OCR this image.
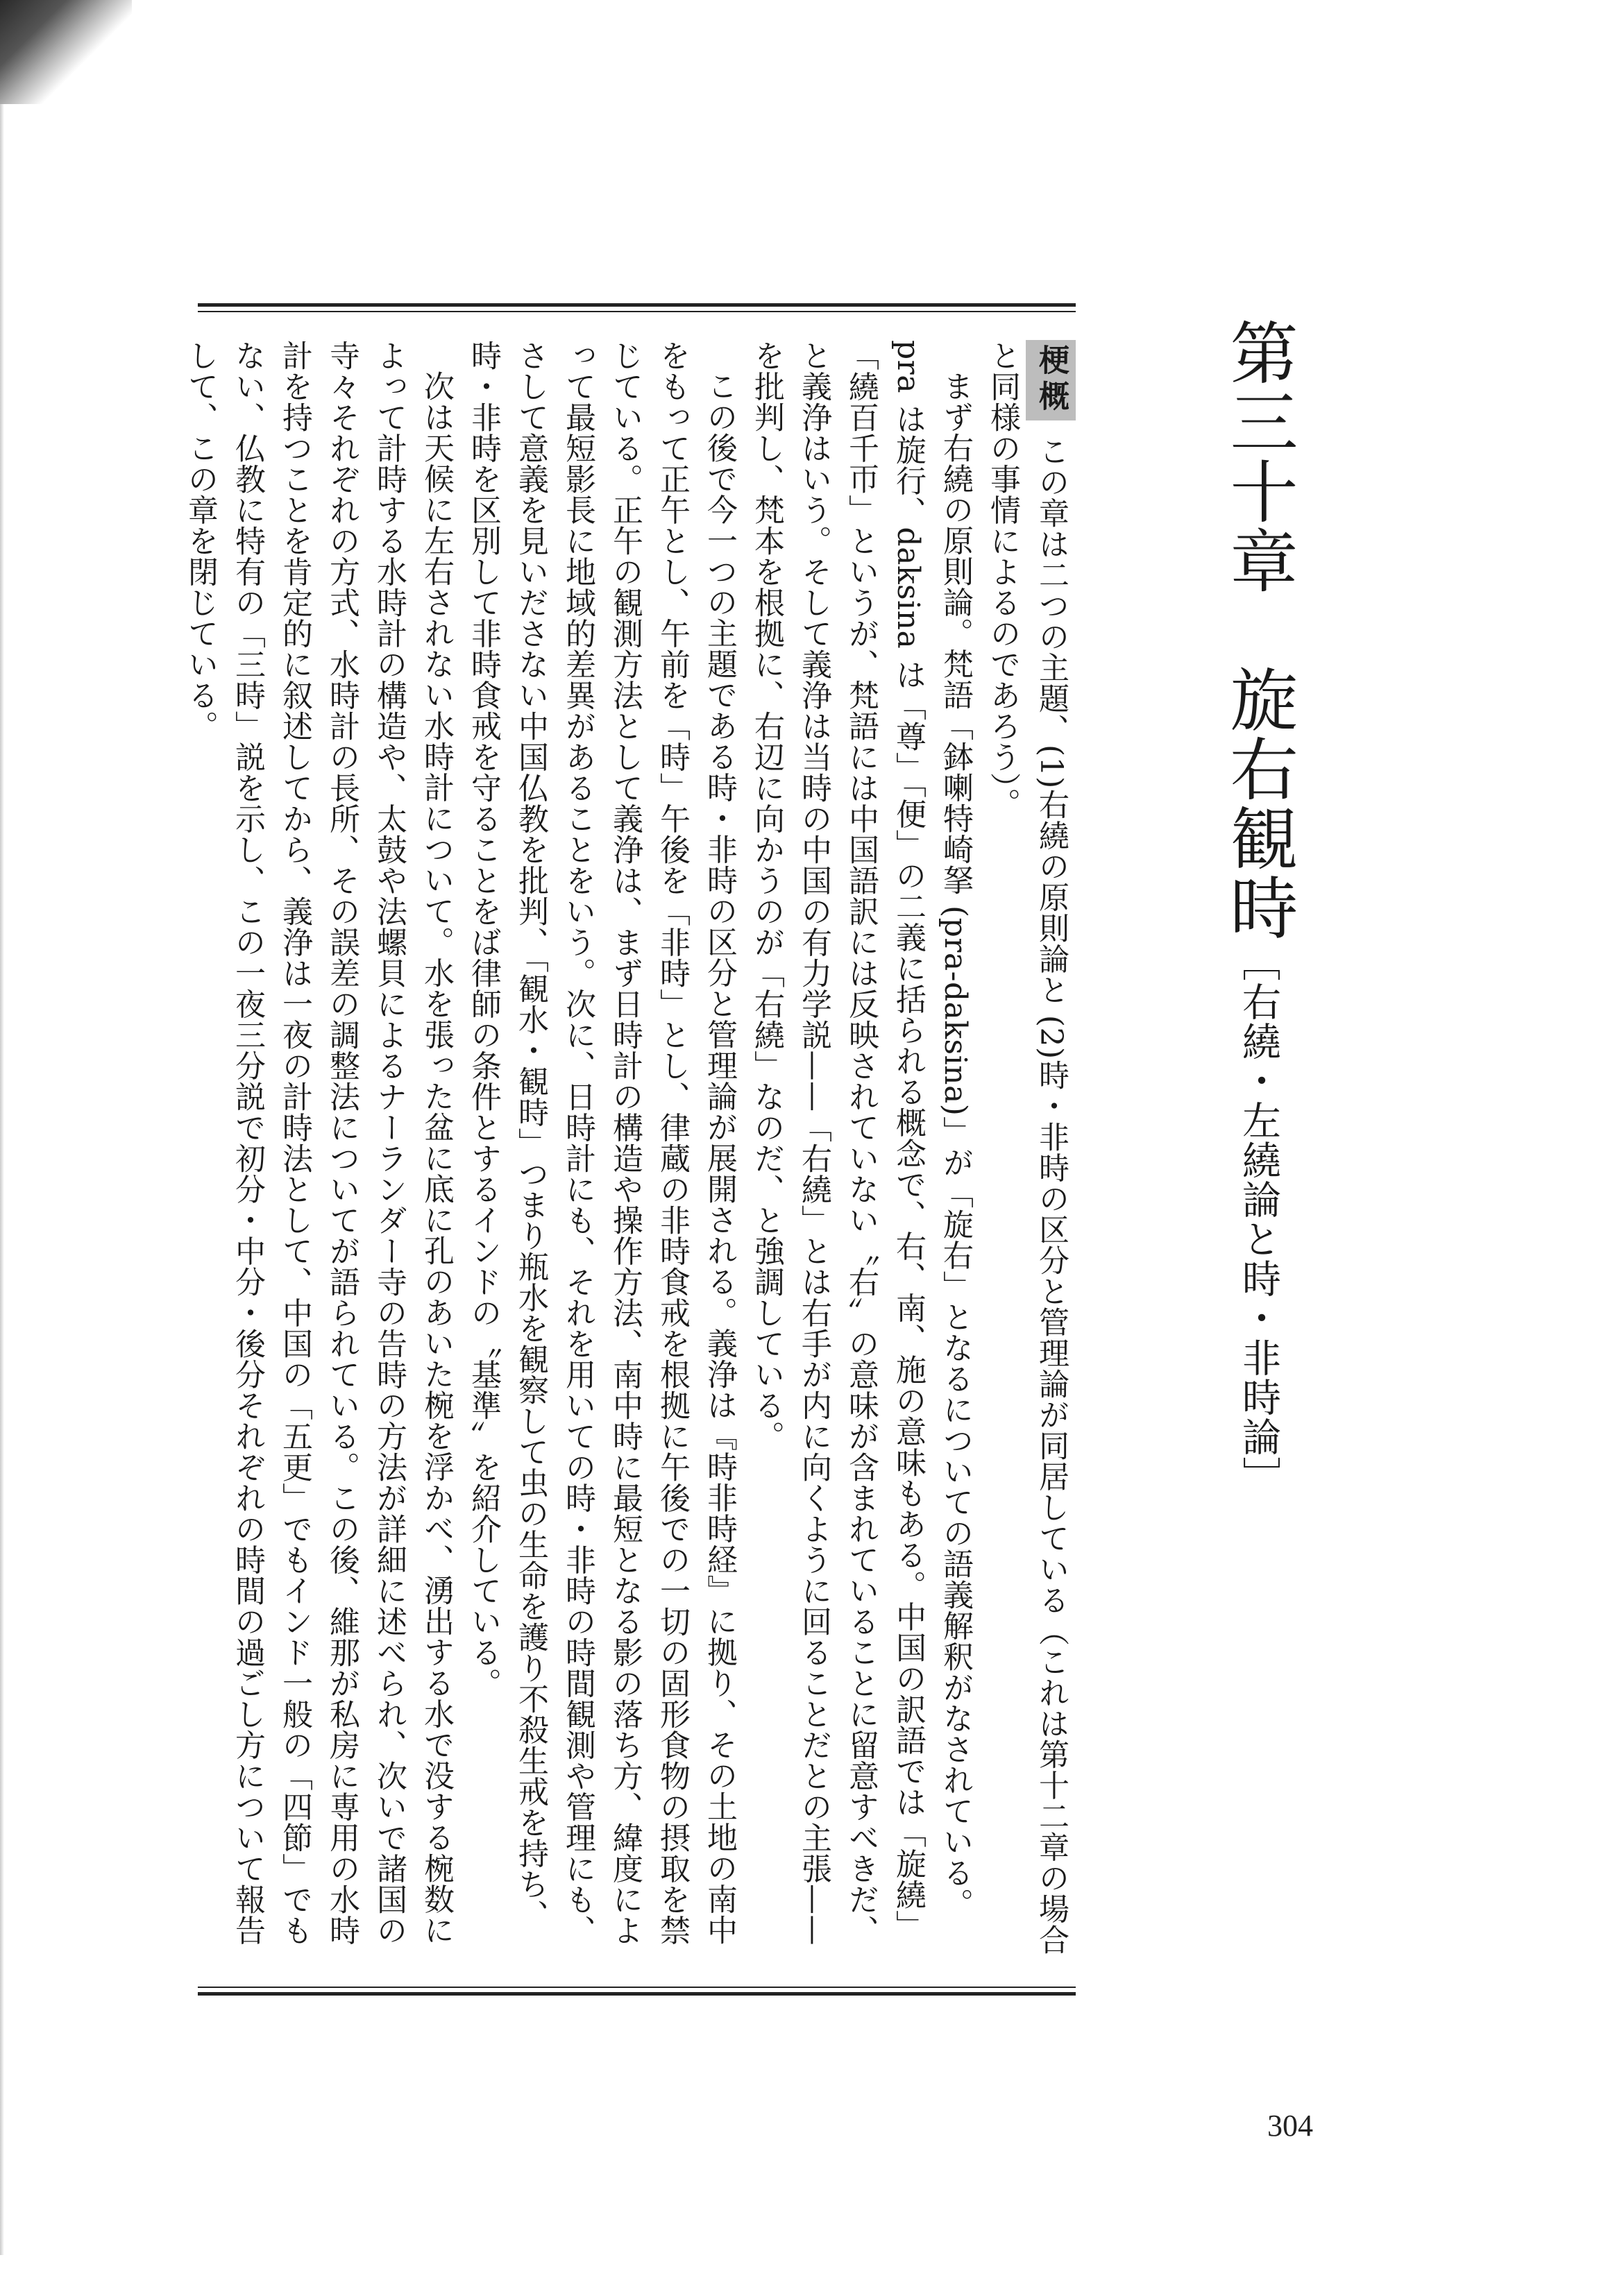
第三十章　旋右観時［右繞・左繞論と時・非時論］

梗概この章は二つの主題、(1)右繞の原則論と (2)時・非時の区分と管理論が同居している（これは第十二章の場合と同様の事情によるのであろう）。

まず右繞の原則論。梵語「鉢喇特崎拏 (pra-daksina)」が「旋右」となるについての語義解釈がなされている。pra は旋行、daksina は「尊」「便」の二義に括られる概念で、右、南、施の意味もある。中国の訳語では「旋繞」「繞百千帀」というが、梵語には中国語訳には反映されていない〝右〟の意味が含まれていることに留意すべきだ、と義浄はいう。そして義浄は当時の中国の有力学説——「右繞」とは右手が内に向くように回ることだとの主張——を批判し、梵本を根拠に、右辺に向かうのが「右繞」なのだ、と強調している。

この後で今一つの主題である時・非時の区分と管理論が展開される。義浄は『時非時経』に拠り、その土地の南中をもって正午とし、午前を「時」午後を「非時」とし、律蔵の非時食戒を根拠に午後での一切の固形食物の摂取を禁じている。正午の観測方法として義浄は、まず日時計の構造や操作方法、南中時に最短となる影の落ち方、緯度によって最短影長に地域的差異があることをいう。次に、日時計にも、それを用いての時・非時の時間観測や管理にも、さして意義を見いださない中国仏教を批判、「観水・観時」つまり瓶水を観察して虫の生命を護り不殺生戒を持ち、時・非時を区別して非時食戒を守ることをば律師の条件とするインドの〝基準〟を紹介している。

次は天候に左右されない水時計について。水を張った盆に底に孔のあいた椀を浮かべ、湧出する水で没する椀数によって計時する水時計の構造や、太鼓や法螺貝によるナーランダー寺の告時の方法が詳細に述べられ、次いで諸国の寺々それぞれの方式、水時計の長所、その誤差の調整法についてが語られている。この後、維那が私房に専用の水時計を持つことを肯定的に叙述してから、義浄は一夜の計時法として、中国の「五更」でもインド一般の「四節」でもない、仏教に特有の「三時」説を示し、この一夜三分説で初分・中分・後分それぞれの時間の過ごし方について報告して、この章を閉じている。

304
